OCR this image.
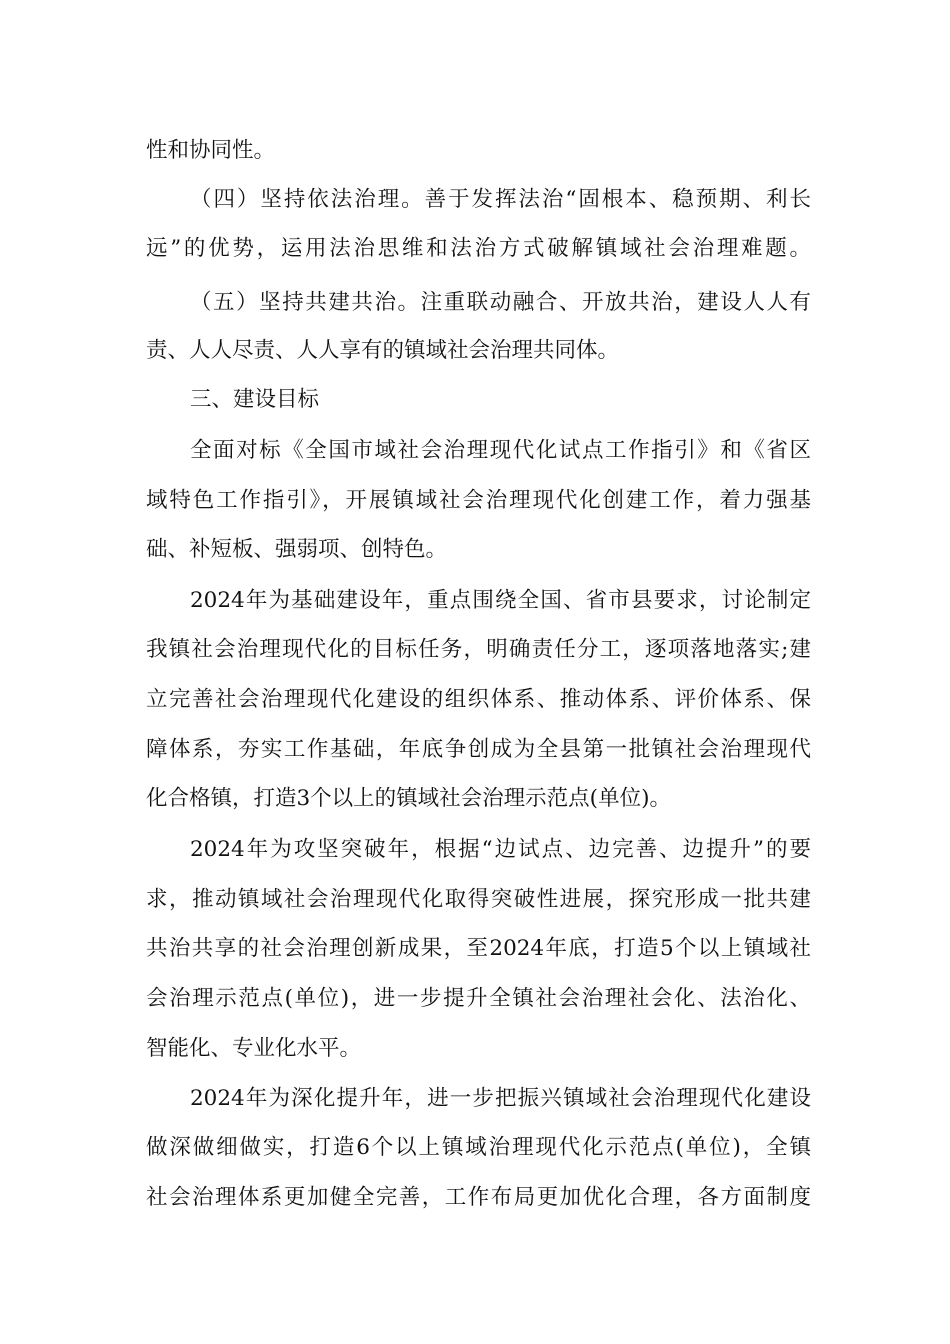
性和协同性。
（四）坚持依法治理。善于发挥法治“固根本、稳预期、利长
远”的优势，运用法治思维和法治方式破解镇域社会治理难题。
（五）坚持共建共治。注重联动融合、开放共治，建设人人有
责、人人尽责、人人享有的镇域社会治理共同体。
三、建设目标
全面对标《全国市域社会治理现代化试点工作指引》和《省区
域特色工作指引》，开展镇域社会治理现代化创建工作，着力强基
础、补短板、强弱项、创特色。
2024年为基础建设年，重点围绕全国、省市县要求，讨论制定
我镇社会治理现代化的目标任务，明确责任分工，逐项落地落实;建
立完善社会治理现代化建设的组织体系、推动体系、评价体系、保
障体系，夯实工作基础，年底争创成为全县第一批镇社会治理现代
化合格镇，打造3个以上的镇域社会治理示范点(单位)。
2024年为攻坚突破年，根据“边试点、边完善、边提升”的要
求，推动镇域社会治理现代化取得突破性进展，探究形成一批共建
共治共享的社会治理创新成果，至2024年底，打造5个以上镇域社
会治理示范点(单位)，进一步提升全镇社会治理社会化、法治化、
智能化、专业化水平。
2024年为深化提升年，进一步把振兴镇域社会治理现代化建设
做深做细做实，打造6个以上镇域治理现代化示范点(单位)，全镇
社会治理体系更加健全完善，工作布局更加优化合理，各方面制度
